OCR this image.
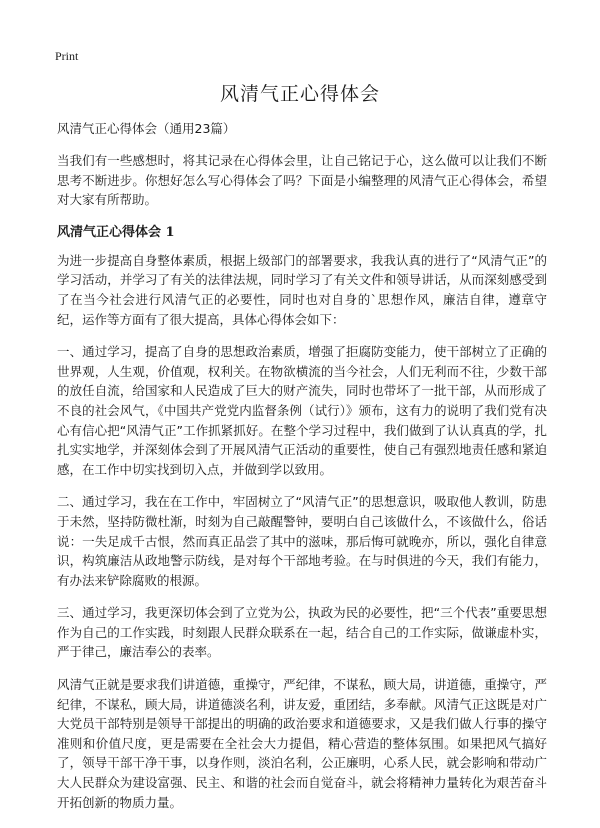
Print
风清气正心得体会

风清气正心得体会（通用23篇）

当我们有一些感想时，将其记录在心得体会里，让自己铭记于心，这么做可以让我们不断思考不断进步。你想好怎么写心得体会了吗？下面是小编整理的风清气正心得体会，希望对大家有所帮助。

风清气正心得体会 1

为进一步提高自身整体素质，根据上级部门的部署要求，我我认真的进行了“风清气正”的学习活动，并学习了有关的法律法规，同时学习了有关文件和领导讲话，从而深刻感受到了在当今社会进行风清气正的必要性，同时也对自身的`思想作风，廉洁自律，遵章守纪，运作等方面有了很大提高，具体心得体会如下：

一、通过学习，提高了自身的思想政治素质，增强了拒腐防变能力，使干部树立了正确的世界观，人生观，价值观，权利关。在物欲横流的当今社会，人们无利而不往，少数干部的放任自流，给国家和人民造成了巨大的财产流失，同时也带坏了一批干部，从而形成了不良的社会风气，《中国共产党党内监督条例（试行）》颁布，这有力的说明了我们党有决心有信心把“风清气正”工作抓紧抓好。在整个学习过程中，我们做到了认认真真的学，扎扎实实地学，并深刻体会到了开展风清气正活动的重要性，使自己有强烈地责任感和紧迫感，在工作中切实找到切入点，并做到学以致用。

二、通过学习，我在在工作中，牢固树立了“风清气正”的思想意识，吸取他人教训，防患于未然，坚持防微杜渐，时刻为自己敲醒警钟，要明白自己该做什么，不该做什么，俗话说：一失足成千古恨，然而真正品尝了其中的滋味，那后悔可就晚亦，所以，强化自律意识，构筑廉洁从政地警示防线，是对每个干部地考验。在与时俱进的今天，我们有能力，有办法来铲除腐败的根源。

三、通过学习，我更深切体会到了立党为公，执政为民的必要性，把“三个代表”重要思想作为自己的工作实践，时刻跟人民群众联系在一起，结合自己的工作实际，做谦虚朴实，严于律己，廉洁奉公的表率。

风清气正就是要求我们讲道德，重操守，严纪律，不谋私，顾大局，讲道德，重操守，严纪律，不谋私，顾大局，讲道德淡名利，讲友爱，重团结，多奉献。风清气正这既是对广大党员干部特别是领导干部提出的明确的政治要求和道德要求，又是我们做人行事的操守准则和价值尺度，更是需要在全社会大力提倡，精心营造的整体氛围。如果把风气搞好了，领导干部干净干事，以身作则，淡泊名利，公正廉明，心系人民，就会影响和带动广大人民群众为建设富强、民主、和谐的社会而自觉奋斗，就会将精神力量转化为艰苦奋斗开拓创新的物质力量。
